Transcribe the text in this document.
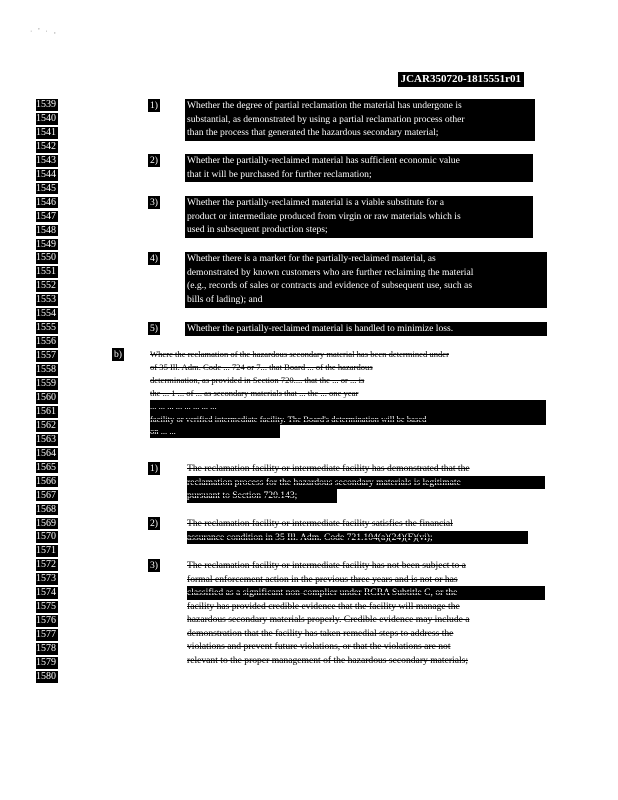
· ' · ,
JCAR350720-1815551r01
1539
1540
1541
1542
1543
1544
1545
1546
1547
1548
1549
1550
1551
1552
1553
1554
1555
1556
1557
1558
1559
1560
1561
1562
1563
1564
1565
1566
1567
1568
1569
1570
1571
1572
1573
1574
1575
1576
1577
1578
1579
1580
1)	Whether the degree of partial reclamation the material has undergone is
substantial, as demonstrated by using a partial reclamation process other
than the process that generated the hazardous secondary material;
2)	Whether the partially-reclaimed material has sufficient economic value
that it will be purchased for further reclamation;
3)	Whether the partially-reclaimed material is a viable substitute for a
product or intermediate produced from virgin or raw materials which is
used in subsequent production steps;
4)	Whether there is a market for the partially-reclaimed material, as
demonstrated by known customers who are further reclaiming the material
(e.g., records of sales or contracts and evidence of subsequent use, such as
bills of lading); and
5)	Whether the partially-reclaimed material is handled to minimize loss.
b)	Where the reclamation of the hazardous secondary material has been determined under
of 35 Ill. Adm. Code ... 724 or 7... that Board ... of the hazardous
determination, as provided in Section 720.... that the ... or ... is
the ... 1 ... of ... as secondary materials that ... the ... one year
... ... ... ... ... ... ... ...
facility or verified intermediate facility. The Board's determination will be based
on ... ...
1)	The reclamation facility or intermediate facility has demonstrated that the
reclamation process for the hazardous secondary materials is legitimate
pursuant to Section 720.143;
2)	The reclamation facility or intermediate facility satisfies the financial
assurance condition in 35 Ill. Adm. Code 721.104(a)(24)(F)(vi);
3)	The reclamation facility or intermediate facility has not been subject to a
formal enforcement action in the previous three years and is not or has
classified as a significant non-complier under RCRA Subtitle C, or the
facility has provided credible evidence that the facility will manage the
hazardous secondary materials properly. Credible evidence may include a
demonstration that the facility has taken remedial steps to address the
violations and prevent future violations, or that the violations are not
relevant to the proper management of the hazardous secondary materials;
